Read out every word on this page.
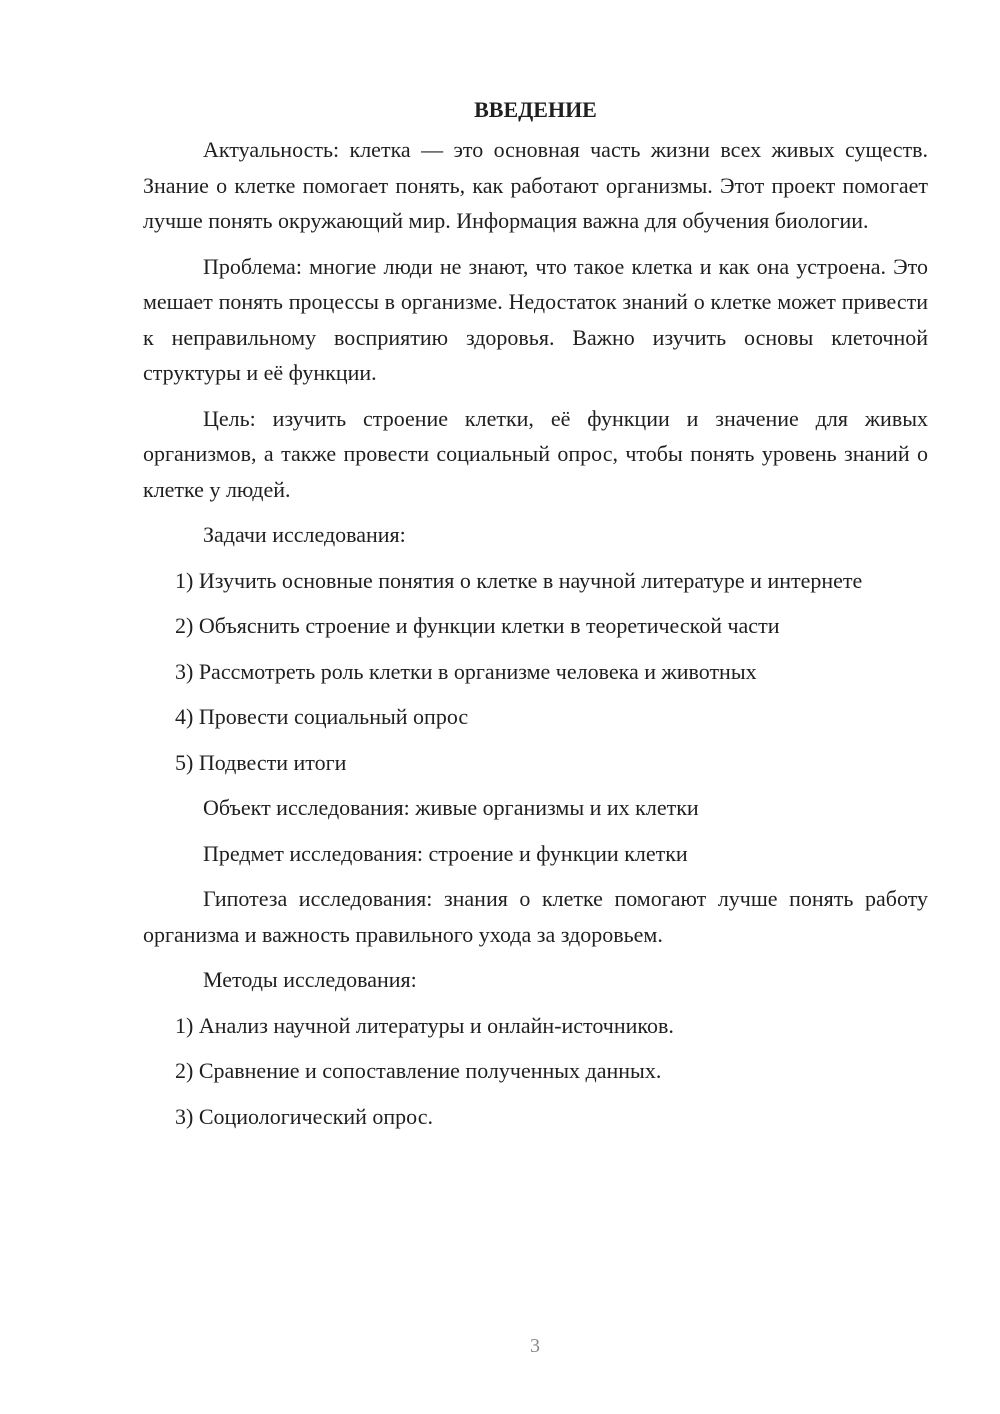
ВВЕДЕНИЕ

Актуальность: клетка — это основная часть жизни всех живых существ. Знание о клетке помогает понять, как работают организмы. Этот проект помогает лучше понять окружающий мир. Информация важна для обучения биологии.

Проблема: многие люди не знают, что такое клетка и как она устроена. Это мешает понять процессы в организме. Недостаток знаний о клетке может привести к неправильному восприятию здоровья. Важно изучить основы клеточной структуры и её функции.

Цель: изучить строение клетки, её функции и значение для живых организмов, а также провести социальный опрос, чтобы понять уровень знаний о клетке у людей.

Задачи исследования:

1) Изучить основные понятия о клетке в научной литературе и интернете

2) Объяснить строение и функции клетки в теоретической части

3) Рассмотреть роль клетки в организме человека и животных

4) Провести социальный опрос

5) Подвести итоги

Объект исследования: живые организмы и их клетки

Предмет исследования: строение и функции клетки

Гипотеза исследования: знания о клетке помогают лучше понять работу организма и важность правильного ухода за здоровьем.

Методы исследования:

1) Анализ научной литературы и онлайн-источников.

2) Сравнение и сопоставление полученных данных.

3) Социологический опрос.

3
